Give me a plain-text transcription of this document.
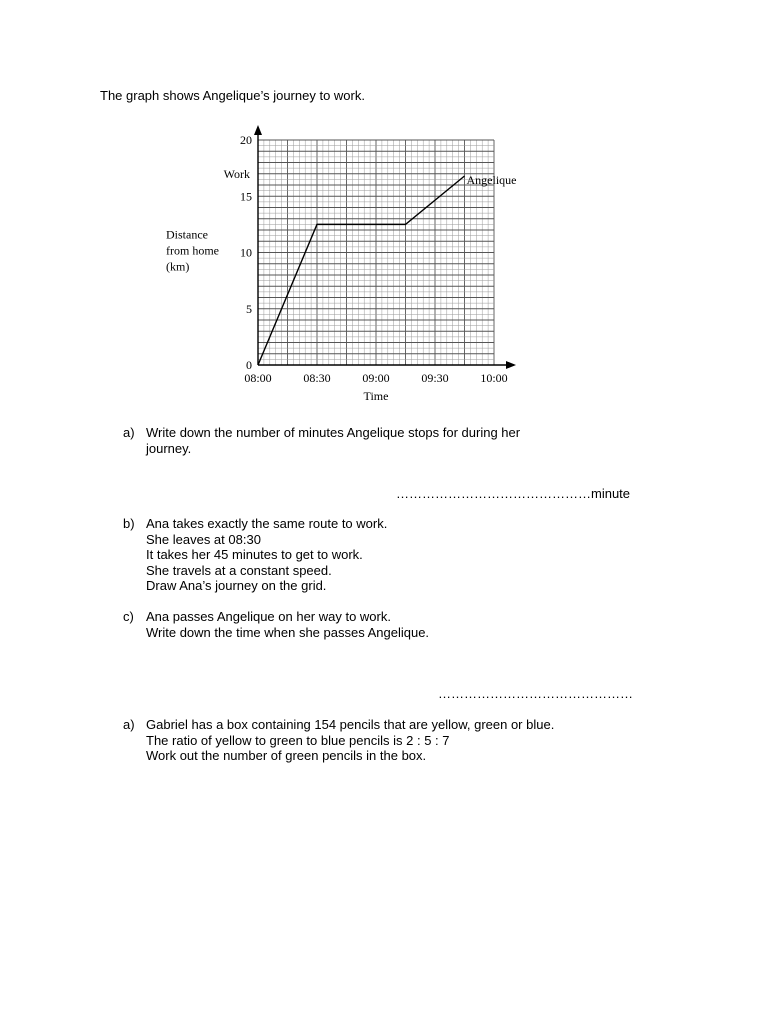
The graph shows Angelique’s journey to work.
0
5
10
15
20
08:00	08:30	09:00	09:30	10:00
Time
Distance
from home
(km)
Work	Angelique
a) Write down the number of minutes Angelique stops for during her
journey.
………………………………………minute
b) Ana takes exactly the same route to work.
She leaves at 08:30
It takes her 45 minutes to get to work.
She travels at a constant speed.
Draw Ana’s journey on the grid.
c) Ana passes Angelique on her way to work.
Write down the time when she passes Angelique.
………………………………………
a) Gabriel has a box containing 154 pencils that are yellow, green or blue.
The ratio of yellow to green to blue pencils is 2 : 5 : 7
Work out the number of green pencils in the box.
